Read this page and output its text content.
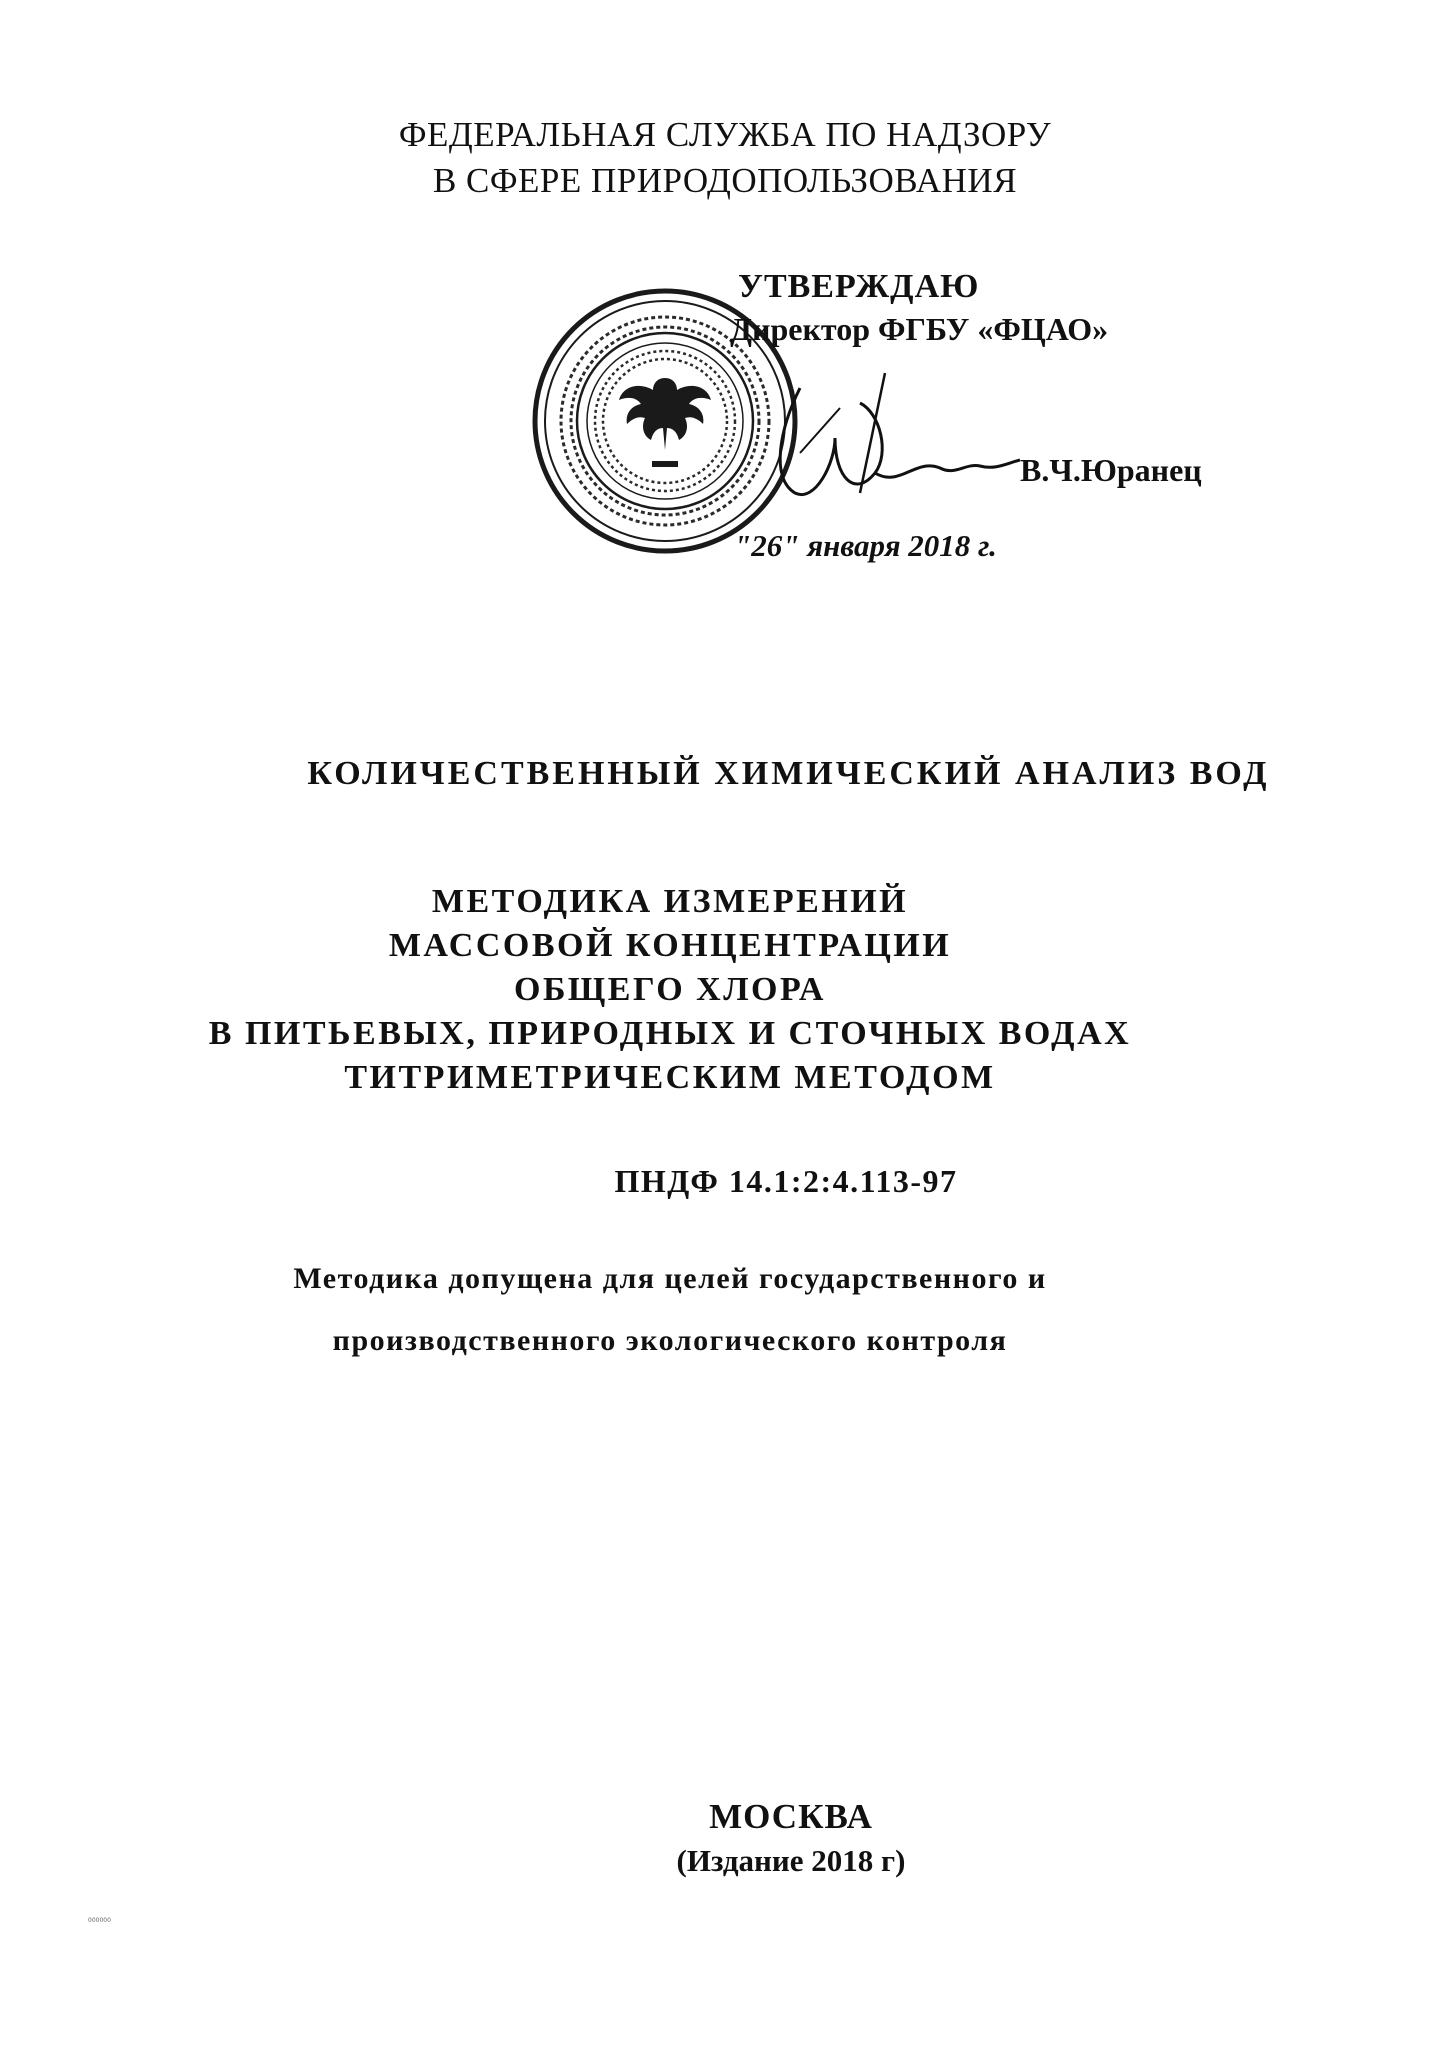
ФЕДЕРАЛЬНАЯ СЛУЖБА ПО НАДЗОРУ
В СФЕРЕ ПРИРОДОПОЛЬЗОВАНИЯ
УТВЕРЖДАЮ
Директор ФГБУ «ФЦАО»
В.Ч.Юранец
"26" января 2018 г.
КОЛИЧЕСТВЕННЫЙ ХИМИЧЕСКИЙ АНАЛИЗ ВОД
МЕТОДИКА ИЗМЕРЕНИЙ
МАССОВОЙ КОНЦЕНТРАЦИИ
ОБЩЕГО ХЛОРА
В ПИТЬЕВЫХ, ПРИРОДНЫХ И СТОЧНЫХ ВОДАХ
ТИТРИМЕТРИЧЕСКИМ МЕТОДОМ
ПНДФ 14.1:2:4.113-97
Методика допущена для целей государственного и
производственного экологического контроля
МОСКВА
(Издание 2018 г)
000000
